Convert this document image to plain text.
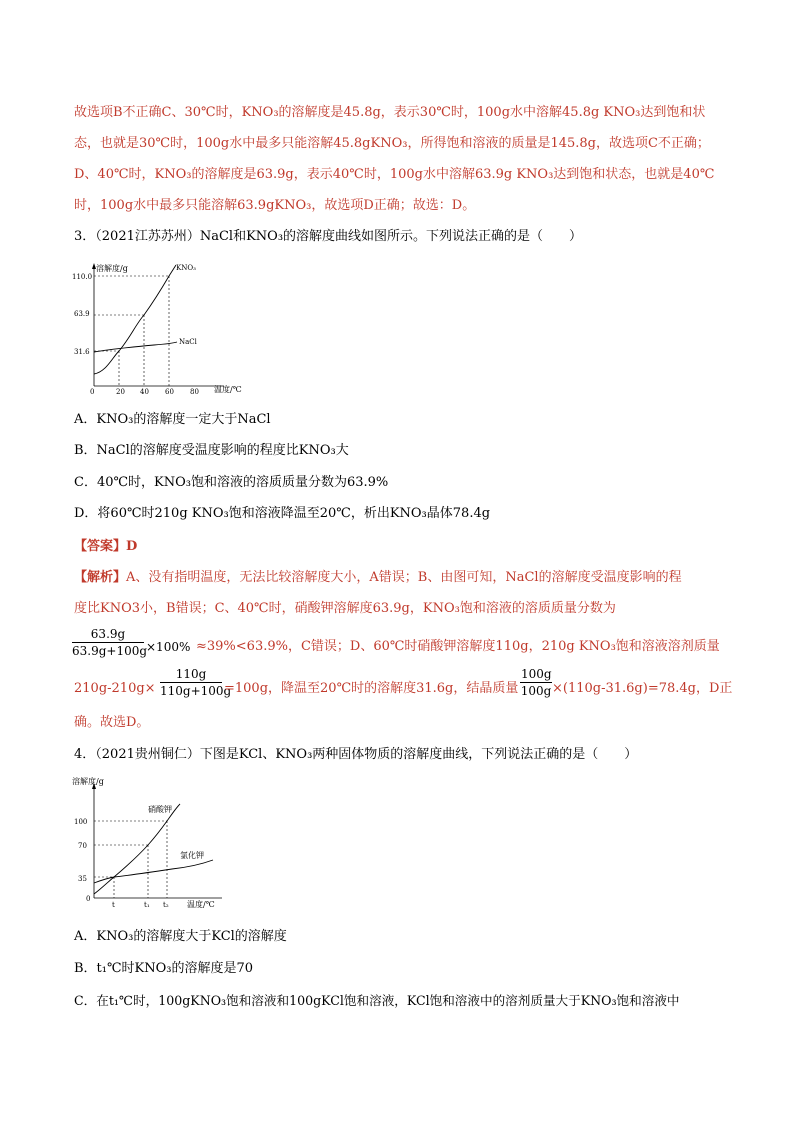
故选项B不正确C、30℃时，KNO₃的溶解度是45.8g，表示30℃时，100g水中溶解45.8g KNO₃达到饱和状
态，也就是30℃时，100g水中最多只能溶解45.8gKNO₃，所得饱和溶液的质量是145.8g，故选项C不正确；
D、40℃时，KNO₃的溶解度是63.9g，表示40℃时，100g水中溶解63.9g KNO₃达到饱和状态，也就是40℃
时，100g水中最多只能溶解63.9gKNO₃，故选项D正确；故选：D。
3．（2021江苏苏州）NaCl和KNO₃的溶解度曲线如图所示。下列说法正确的是（　　）
溶解度/g
温度/℃
0	20 40 60 80
31.6
63.9
110.0
KNO₃
NaCl
A．KNO₃的溶解度一定大于NaCl
B．NaCl的溶解度受温度影响的程度比KNO₃大
C．40℃时，KNO₃饱和溶液的溶质质量分数为63.9%
D．将60℃时210g KNO₃饱和溶液降温至20℃，析出KNO₃晶体78.4g
【答案】D
【解析】A、没有指明温度，无法比较溶解度大小，A错误；B、由图可知，NaCl的溶解度受温度影响的程
度比KNO3小，B错误；C、40℃时，硝酸钾溶解度63.9g，KNO₃饱和溶液的溶质质量分数为
$\frac{63.9g}{63.9g+100g} \times 100\% \approx 39\%<63.9\%$，C错误；D、60℃时硝酸钾溶解度110g，210g KNO₃饱和溶液溶剂质量
$210g-210g\times \frac{110g}{110g+100g} =100g$，降温至20℃时的溶解度31.6g，结晶质量 $\frac{100g}{100g} \times(110g-31.6g)=78.4g$，D正
确。故选D。
4．（2021贵州铜仁）下图是KCl、KNO₃两种固体物质的溶解度曲线，下列说法正确的是（　　）
溶解度/g
温度/℃
0
t	t₁ t₂
35
70
100
硝酸钾
氯化钾
A．KNO₃的溶解度大于KCl的溶解度
B．t₁℃时KNO₃的溶解度是70
C．在t₁℃时，100gKNO₃饱和溶液和100gKCl饱和溶液，KCl饱和溶液中的溶剂质量大于KNO₃饱和溶液中
